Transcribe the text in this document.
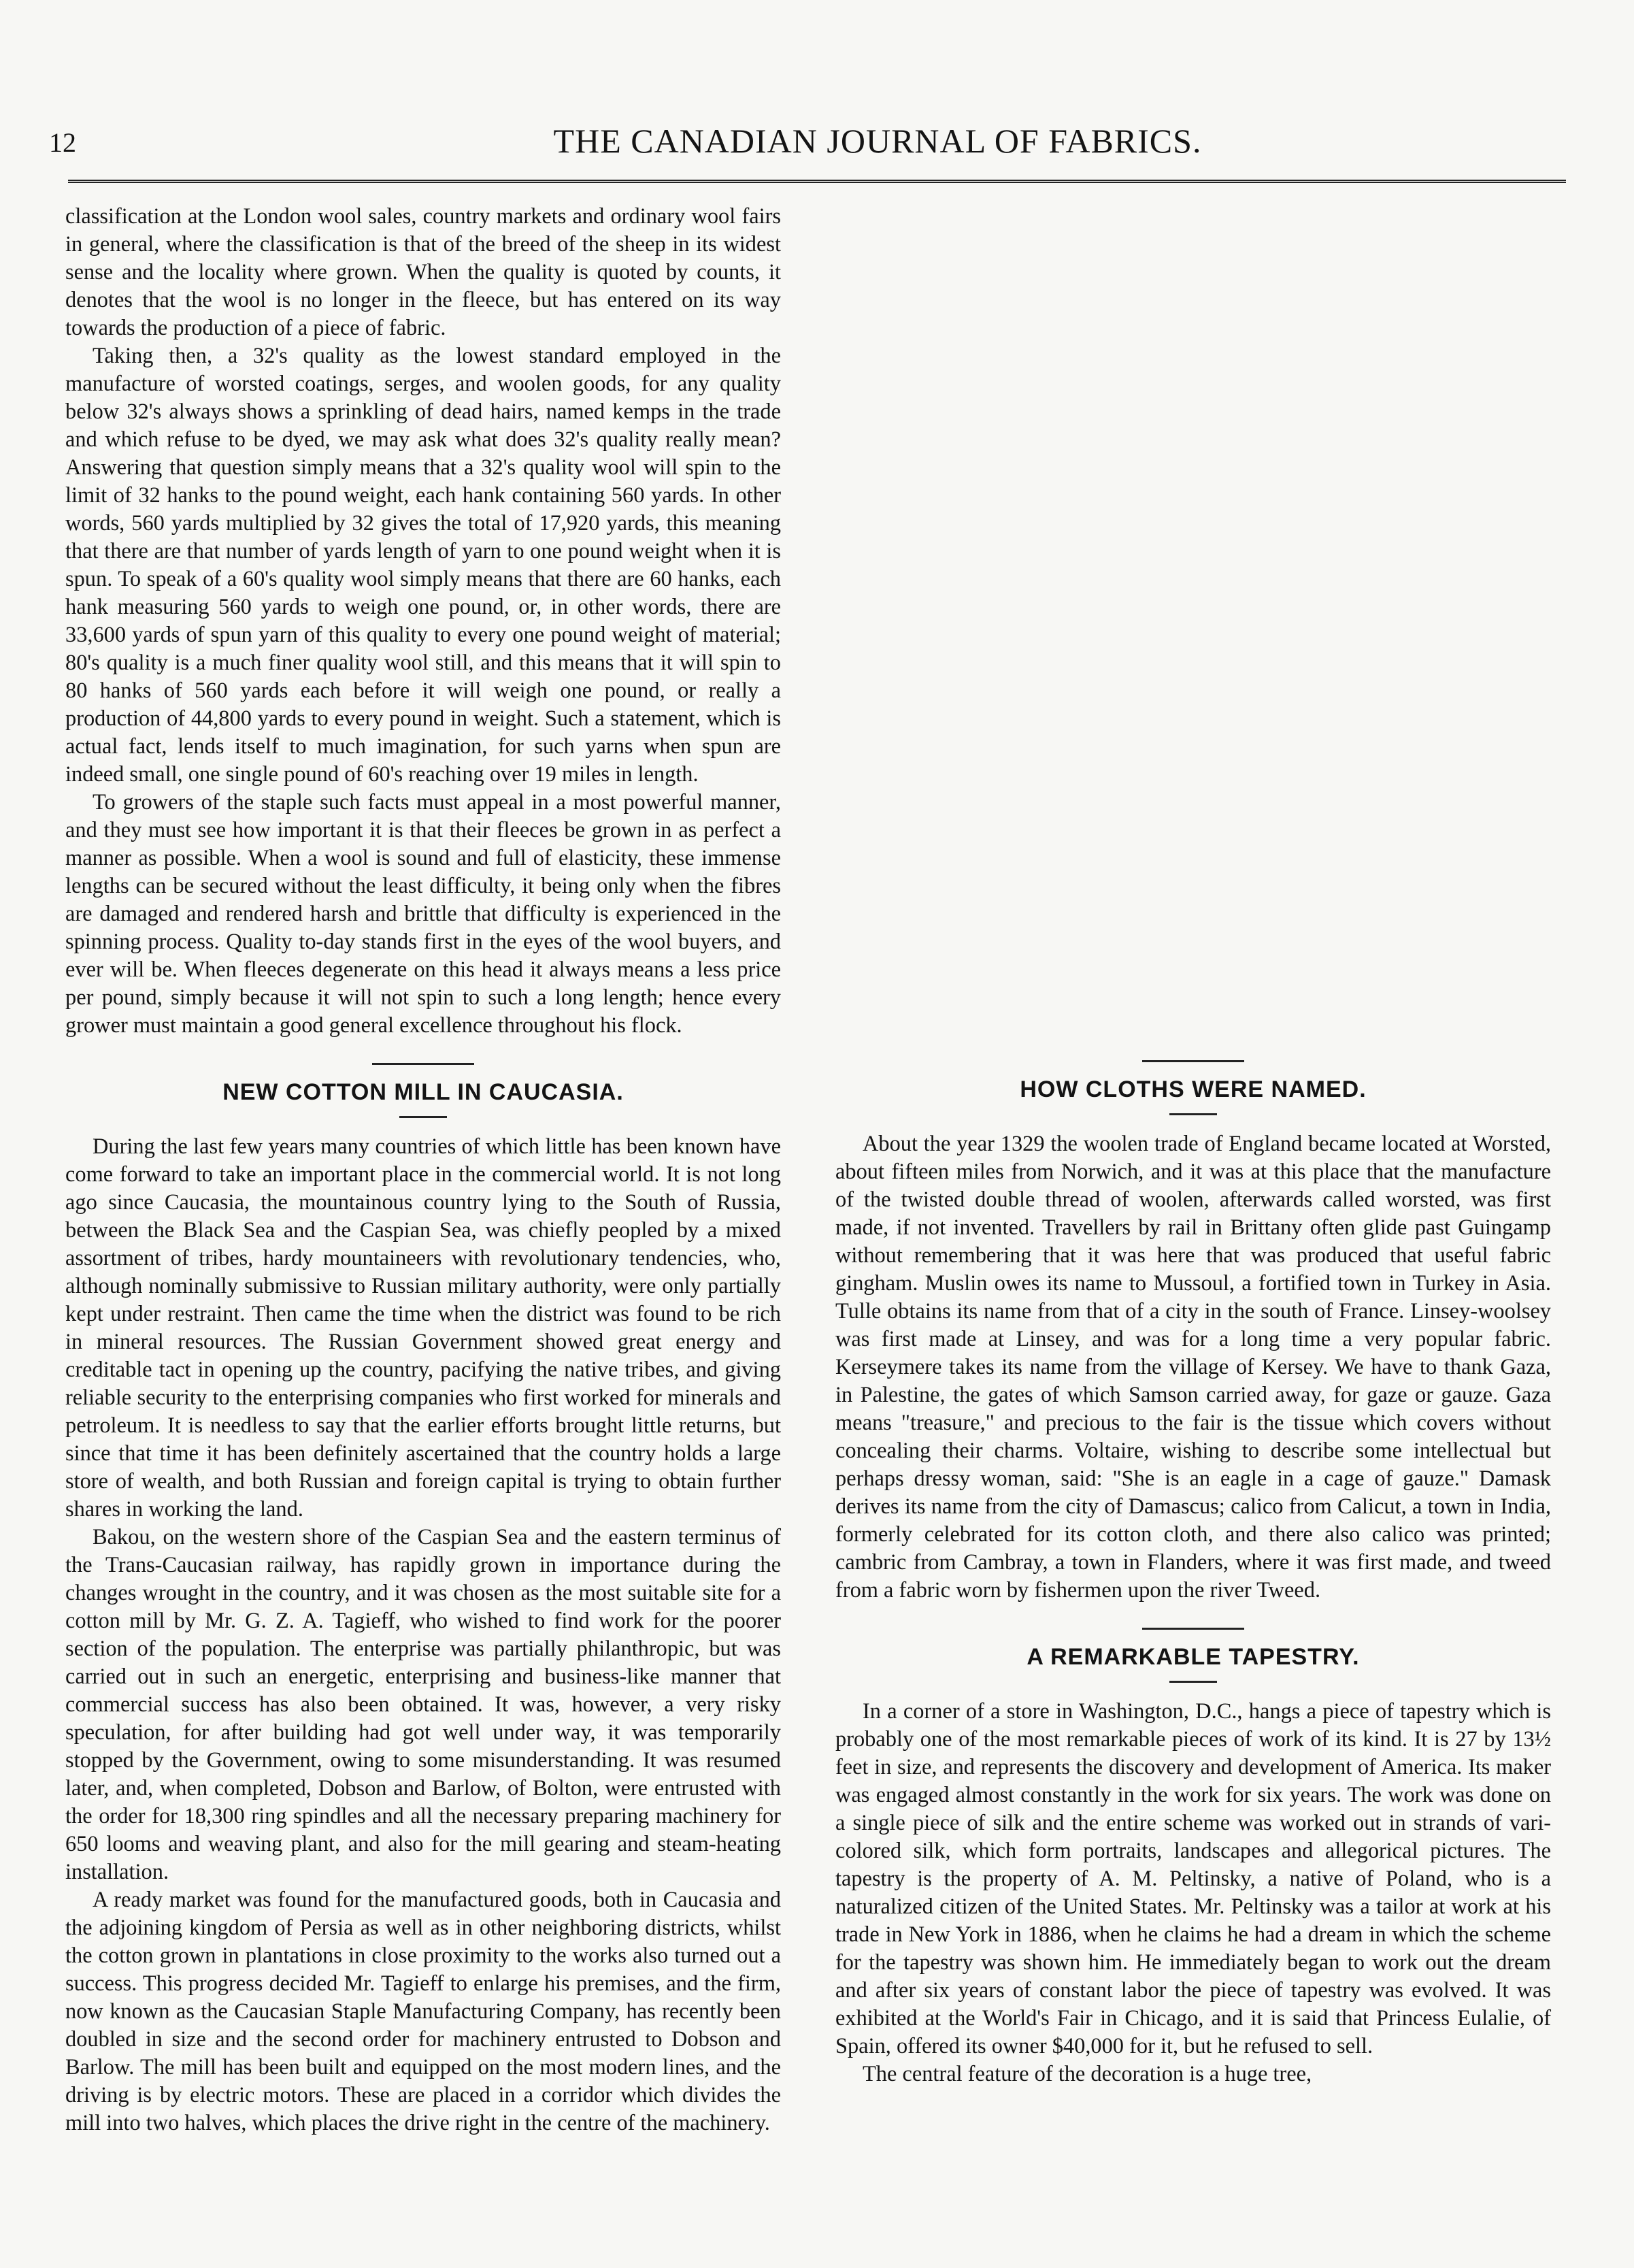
12	THE CANADIAN JOURNAL OF FABRICS.

classification at the London wool sales, country markets and ordinary wool fairs in general, where the classification is that of the breed of the sheep in its widest sense and the locality where grown. When the quality is quoted by counts, it denotes that the wool is no longer in the fleece, but has entered on its way towards the production of a piece of fabric.

Taking then, a 32's quality as the lowest standard employed in the manufacture of worsted coatings, serges, and woolen goods, for any quality below 32's always shows a sprinkling of dead hairs, named kemps in the trade and which refuse to be dyed, we may ask what does 32's quality really mean? Answering that question simply means that a 32's quality wool will spin to the limit of 32 hanks to the pound weight, each hank containing 560 yards. In other words, 560 yards multiplied by 32 gives the total of 17,920 yards, this meaning that there are that number of yards length of yarn to one pound weight when it is spun. To speak of a 60's quality wool simply means that there are 60 hanks, each hank measuring 560 yards to weigh one pound, or, in other words, there are 33,600 yards of spun yarn of this quality to every one pound weight of material; 80's quality is a much finer quality wool still, and this means that it will spin to 80 hanks of 560 yards each before it will weigh one pound, or really a production of 44,800 yards to every pound in weight. Such a statement, which is actual fact, lends itself to much imagination, for such yarns when spun are indeed small, one single pound of 60's reaching over 19 miles in length.

To growers of the staple such facts must appeal in a most powerful manner, and they must see how important it is that their fleeces be grown in as perfect a manner as possible. When a wool is sound and full of elasticity, these immense lengths can be secured without the least difficulty, it being only when the fibres are damaged and rendered harsh and brittle that difficulty is experienced in the spinning process. Quality to-day stands first in the eyes of the wool buyers, and ever will be. When fleeces degenerate on this head it always means a less price per pound, simply because it will not spin to such a long length; hence every grower must maintain a good general excellence throughout his flock.

NEW COTTON MILL IN CAUCASIA.

During the last few years many countries of which little has been known have come forward to take an important place in the commercial world. It is not long ago since Caucasia, the mountainous country lying to the South of Russia, between the Black Sea and the Caspian Sea, was chiefly peopled by a mixed assortment of tribes, hardy mountaineers with revolutionary tendencies, who, although nominally submissive to Russian military authority, were only partially kept under restraint. Then came the time when the district was found to be rich in mineral resources. The Russian Government showed great energy and creditable tact in opening up the country, pacifying the native tribes, and giving reliable security to the enterprising companies who first worked for minerals and petroleum. It is needless to say that the earlier efforts brought little returns, but since that time it has been definitely ascertained that the country holds a large store of wealth, and both Russian and foreign capital is trying to obtain further shares in working the land.

Bakou, on the western shore of the Caspian Sea and the eastern terminus of the Trans-Caucasian railway, has rapidly grown in importance during the changes wrought in the country, and it was chosen as the most suitable site for a cotton mill by Mr. G. Z. A. Tagieff, who wished to find work for the poorer section of the population. The enterprise was partially philanthropic, but was carried out in such an energetic, enterprising and business-like manner that commercial success has also been obtained. It was, however, a very risky speculation, for after building had got well under way, it was temporarily stopped by the Government, owing to some misunderstanding. It was resumed later, and, when completed, Dobson and Barlow, of Bolton, were entrusted with the order for 18,300 ring spindles and all the necessary preparing machinery for 650 looms and weaving plant, and also for the mill gearing and steam-heating installation.

A ready market was found for the manufactured goods, both in Caucasia and the adjoining kingdom of Persia as well as in other neighboring districts, whilst the cotton grown in plantations in close proximity to the works also turned out a success. This progress decided Mr. Tagieff to enlarge his premises, and the firm, now known as the Caucasian Staple Manufacturing Company, has recently been doubled in size and the second order for machinery entrusted to Dobson and Barlow. The mill has been built and equipped on the most modern lines, and the driving is by electric motors. These are placed in a corridor which divides the mill into two halves, which places the drive right in the centre of the machinery.

HOW CLOTHS WERE NAMED.

About the year 1329 the woolen trade of England became located at Worsted, about fifteen miles from Norwich, and it was at this place that the manufacture of the twisted double thread of woolen, afterwards called worsted, was first made, if not invented. Travellers by rail in Brittany often glide past Guingamp without remembering that it was here that was produced that useful fabric gingham. Muslin owes its name to Mussoul, a fortified town in Turkey in Asia. Tulle obtains its name from that of a city in the south of France. Linsey-woolsey was first made at Linsey, and was for a long time a very popular fabric. Kerseymere takes its name from the village of Kersey. We have to thank Gaza, in Palestine, the gates of which Samson carried away, for gaze or gauze. Gaza means "treasure," and precious to the fair is the tissue which covers without concealing their charms. Voltaire, wishing to describe some intellectual but perhaps dressy woman, said: "She is an eagle in a cage of gauze." Damask derives its name from the city of Damascus; calico from Calicut, a town in India, formerly celebrated for its cotton cloth, and there also calico was printed; cambric from Cambray, a town in Flanders, where it was first made, and tweed from a fabric worn by fishermen upon the river Tweed.

A REMARKABLE TAPESTRY.

In a corner of a store in Washington, D.C., hangs a piece of tapestry which is probably one of the most remarkable pieces of work of its kind. It is 27 by 13½ feet in size, and represents the discovery and development of America. Its maker was engaged almost constantly in the work for six years. The work was done on a single piece of silk and the entire scheme was worked out in strands of vari-colored silk, which form portraits, landscapes and allegorical pictures. The tapestry is the property of A. M. Peltinsky, a native of Poland, who is a naturalized citizen of the United States. Mr. Peltinsky was a tailor at work at his trade in New York in 1886, when he claims he had a dream in which the scheme for the tapestry was shown him. He immediately began to work out the dream and after six years of constant labor the piece of tapestry was evolved. It was exhibited at the World's Fair in Chicago, and it is said that Princess Eulalie, of Spain, offered its owner $40,000 for it, but he refused to sell.

The central feature of the decoration is a huge tree,
